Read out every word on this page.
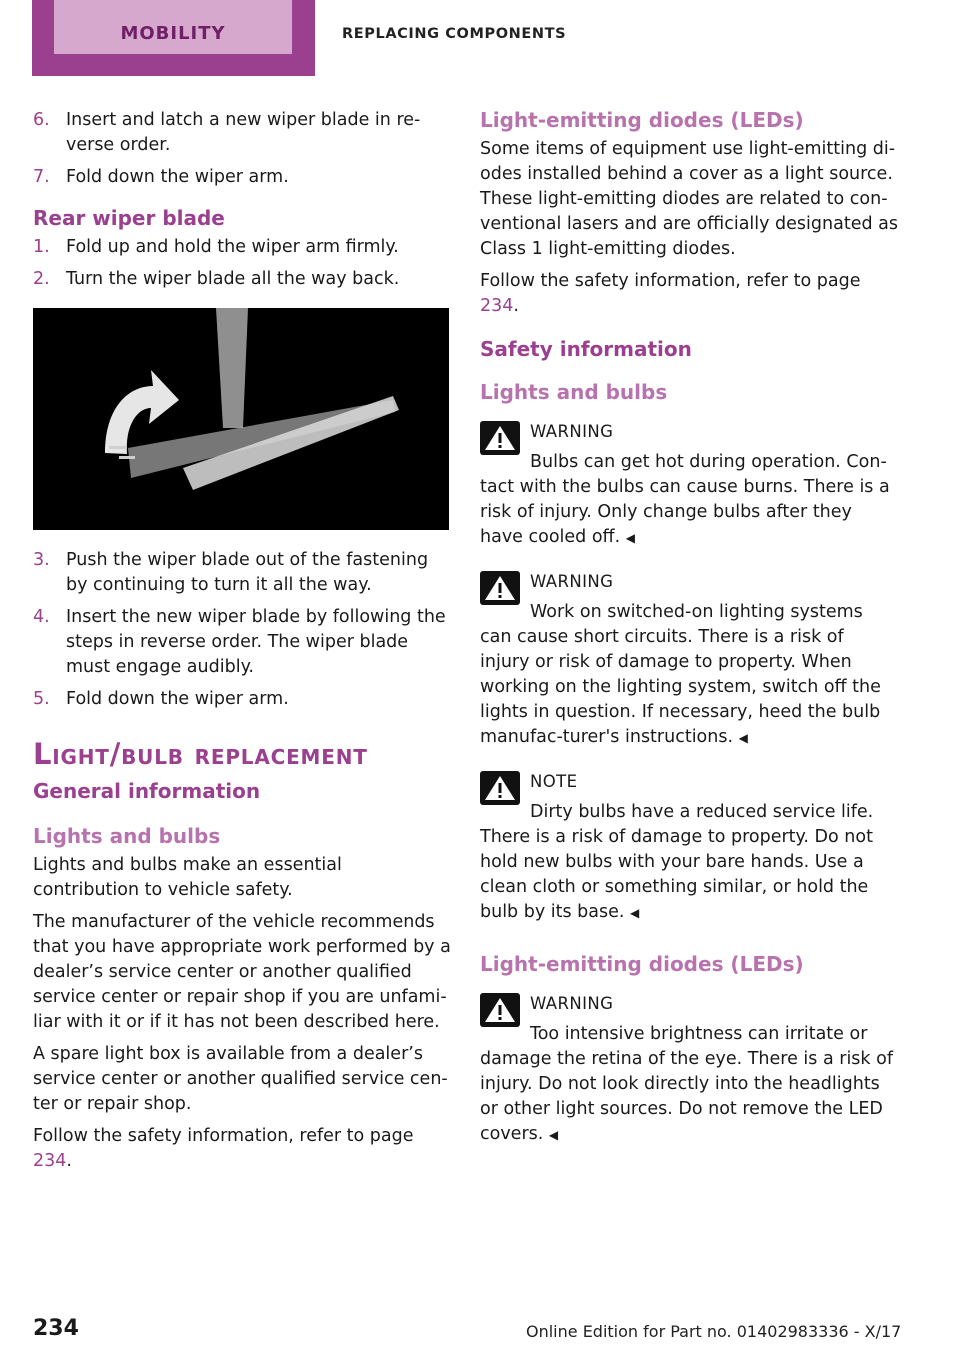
MOBILITY	REPLACING COMPONENTS
6. Insert and latch a new wiper blade in re‐verse order.
7. Fold down the wiper arm.
Rear wiper blade
1. Fold up and hold the wiper arm firmly.
2. Turn the wiper blade all the way back.
3. Push the wiper blade out of the fastening by continuing to turn it all the way.
4. Insert the new wiper blade by following the steps in reverse order. The wiper blade must engage audibly.
5. Fold down the wiper arm.
Light/bulb replacement
General information
Lights and bulbs

Lights and bulbs make an essential contribution to vehicle safety.

The manufacturer of the vehicle recommends that you have appropriate work performed by a dealer’s service center or another qualified service center or repair shop if you are unfami‐liar with it or if it has not been described here.

A spare light box is available from a dealer’s service center or another qualified service cen‐ter or repair shop.

Follow the safety information, refer to page 234.

Light-emitting diodes (LEDs)

Some items of equipment use light-emitting di‐odes installed behind a cover as a light source. These light-emitting diodes are related to con‐ventional lasers and are officially designated as Class 1 light-emitting diodes.

Follow the safety information, refer to page 234.

Safety information
Lights and bulbs
WARNING
Bulbs can get hot during operation. Con‐
tact with the bulbs can cause burns. There is a risk of injury. Only change bulbs after they have cooled off. ◀
WARNING
Work on switched-on lighting systems
can cause short circuits. There is a risk of injury or risk of damage to property. When working on the lighting system, switch off the lights in question. If necessary, heed the bulb manufac‐turer's instructions. ◀
NOTE
Dirty bulbs have a reduced service life.
There is a risk of damage to property. Do not hold new bulbs with your bare hands. Use a clean cloth or something similar, or hold the bulb by its base. ◀
Light-emitting diodes (LEDs)
WARNING
Too intensive brightness can irritate or
damage the retina of the eye. There is a risk of injury. Do not look directly into the headlights or other light sources. Do not remove the LED covers. ◀
234	Online Edition for Part no. 01402983336 - X/17
